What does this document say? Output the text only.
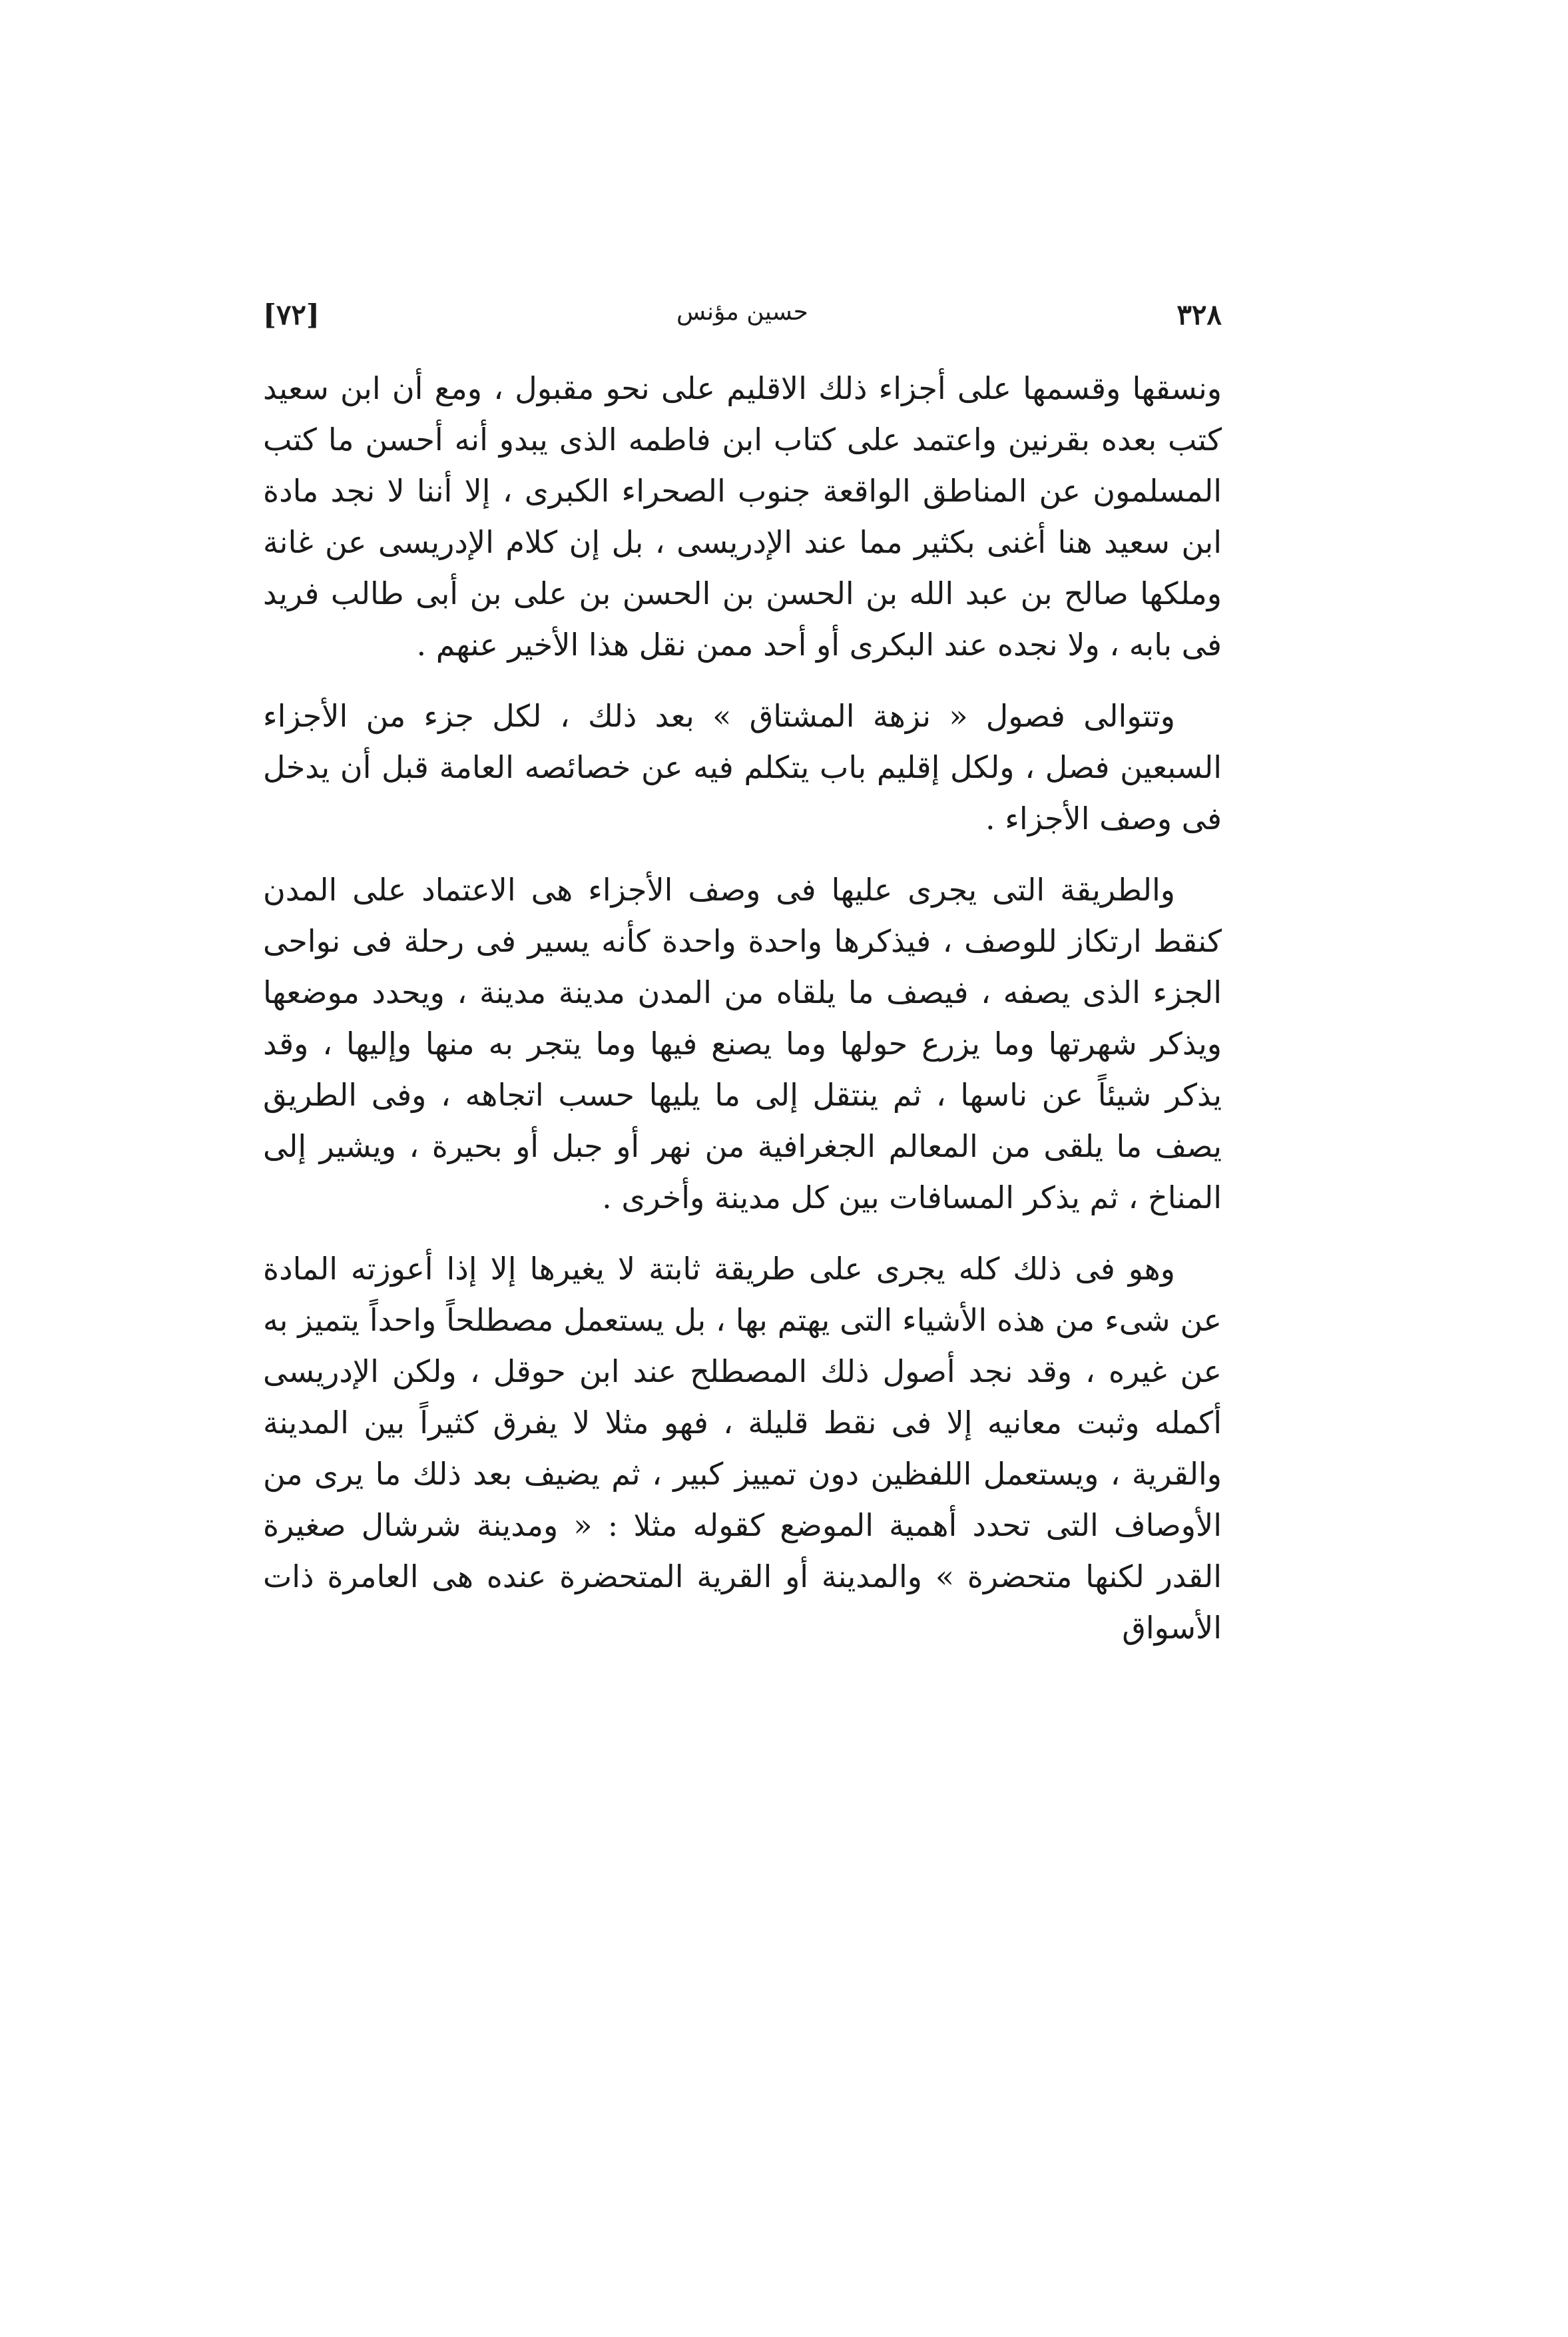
٣٢٨
حسين مؤنس
[٧٢]

ونسقها وقسمها على أجزاء ذلك الاقليم على نحو مقبول ، ومع أن ابن سعيد كتب بعده بقرنين واعتمد على كتاب ابن فاطمه الذى يبدو أنه أحسن ما كتب المسلمون عن المناطق الواقعة جنوب الصحراء الكبرى ، إلا أننا لا نجد مادة ابن سعيد هنا أغنى بكثير مما عند الإدريسى ، بل إن كلام الإدريسى عن غانة وملكها صالح بن عبد الله بن الحسن بن الحسن بن على بن أبى طالب فريد فى بابه ، ولا نجده عند البكرى أو أحد ممن نقل هذا الأخير عنهم .

وتتوالى فصول « نزهة المشتاق » بعد ذلك ، لكل جزء من الأجزاء السبعين فصل ، ولكل إقليم باب يتكلم فيه عن خصائصه العامة قبل أن يدخل فى وصف الأجزاء .

والطريقة التى يجرى عليها فى وصف الأجزاء هى الاعتماد على المدن كنقط ارتكاز للوصف ، فيذكرها واحدة واحدة كأنه يسير فى رحلة فى نواحى الجزء الذى يصفه ، فيصف ما يلقاه من المدن مدينة مدينة ، ويحدد موضعها ويذكر شهرتها وما يزرع حولها وما يصنع فيها وما يتجر به منها وإليها ، وقد يذكر شيئاً عن ناسها ، ثم ينتقل إلى ما يليها حسب اتجاهه ، وفى الطريق يصف ما يلقى من المعالم الجغرافية من نهر أو جبل أو بحيرة ، ويشير إلى المناخ ، ثم يذكر المسافات بين كل مدينة وأخرى .

وهو فى ذلك كله يجرى على طريقة ثابتة لا يغيرها إلا إذا أعوزته المادة عن شىء من هذه الأشياء التى يهتم بها ، بل يستعمل مصطلحاً واحداً يتميز به عن غيره ، وقد نجد أصول ذلك المصطلح عند ابن حوقل ، ولكن الإدريسى أكمله وثبت معانيه إلا فى نقط قليلة ، فهو مثلا لا يفرق كثيراً بين المدينة والقرية ، ويستعمل اللفظين دون تمييز كبير ، ثم يضيف بعد ذلك ما يرى من الأوصاف التى تحدد أهمية الموضع كقوله مثلا : « ومدينة شرشال صغيرة القدر لكنها متحضرة » والمدينة أو القرية المتحضرة عنده هى العامرة ذات الأسواق
